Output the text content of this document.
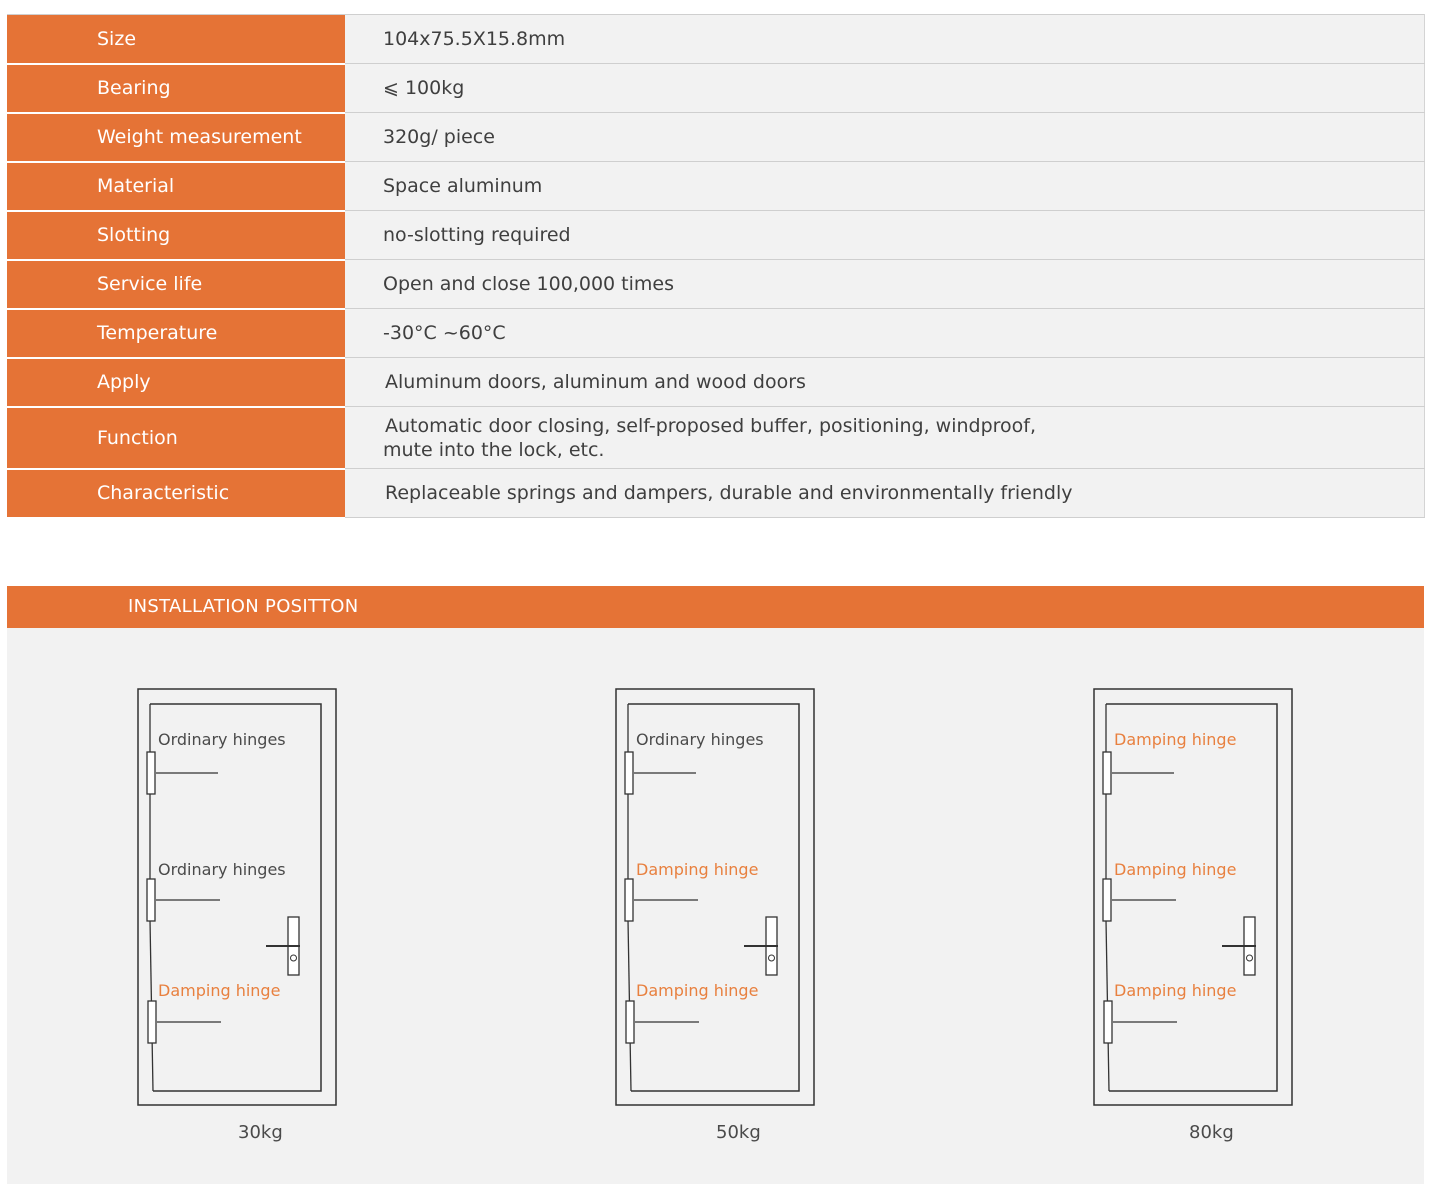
Size	104x75.5X15.8mm
Bearing	⩽ 100kg
Weight measurement	320g/ piece
Material	Space aluminum
Slotting	no-slotting required
Service life	Open and close 100,000 times
Temperature	-30°C ~60°C
Apply	Aluminum doors, aluminum and wood doors
Function	Automatic door closing, self-proposed buffer, positioning, windproof,
mute into the lock, etc.

Characteristic	Replaceable springs and dampers, durable and environmentally friendly
INSTALLATION POSITTON
Ordinary hinges
Ordinary hinges
Damping hinge
30kg
Ordinary hinges
Damping hinge
Damping hinge
50kg
Damping hinge
Damping hinge
Damping hinge
80kg
